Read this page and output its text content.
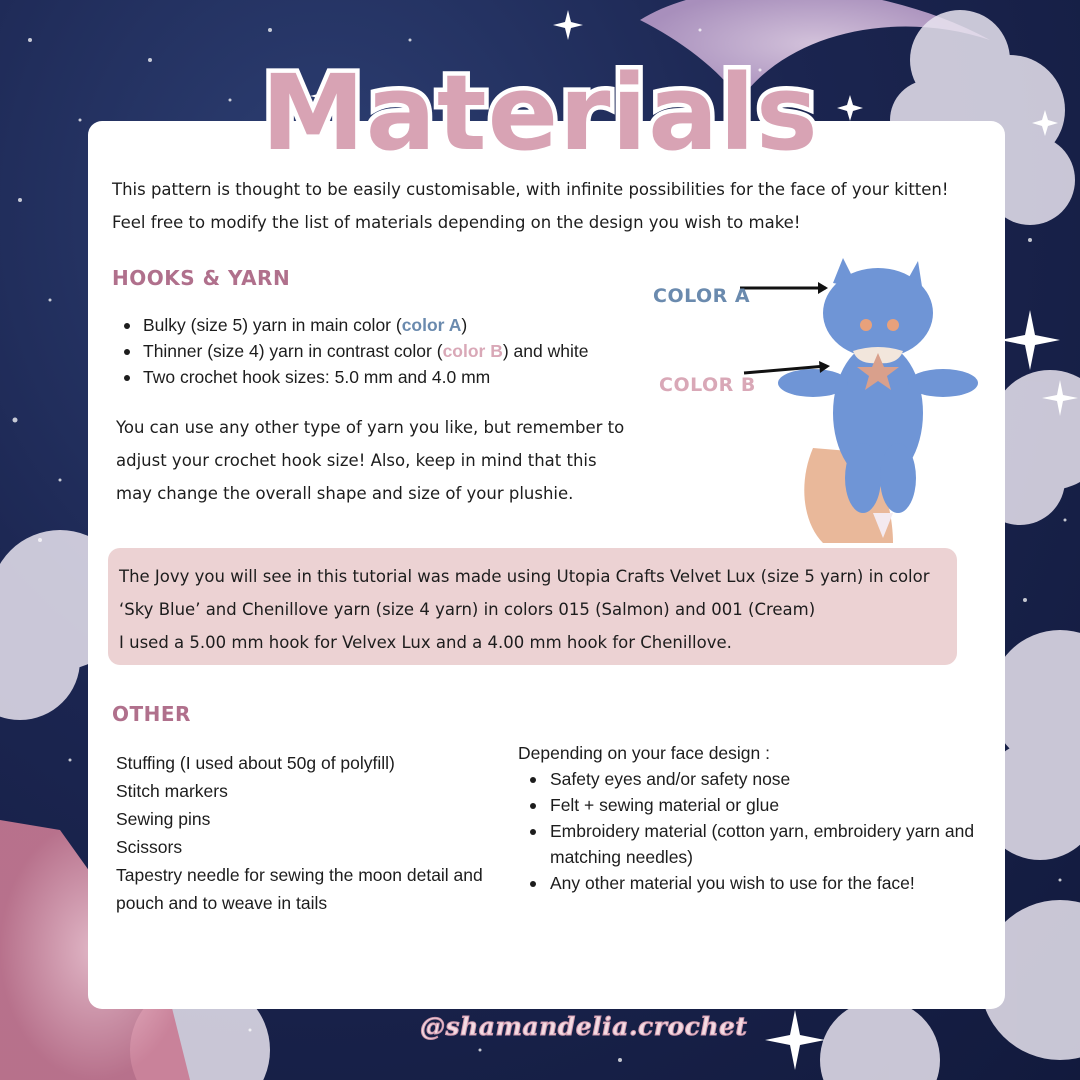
Materials

This pattern is thought to be easily customisable, with infinite possibilities for the face of your kitten!

Feel free to modify the list of materials depending on the design you wish to make!

HOOKS & YARN
Bulky (size 5) yarn in main color (color A)
Thinner (size 4) yarn in contrast color (color B) and white
Two crochet hook sizes: 5.0 mm and 4.0 mm

You can use any other type of yarn you like, but remember to

adjust your crochet hook size! Also, keep in mind that this

may change the overall shape and size of your plushie.

COLOR A
COLOR B

The Jovy you will see in this tutorial was made using Utopia Crafts Velvet Lux (size 5 yarn) in color

‘Sky Blue’ and Chenillove yarn (size 4 yarn) in colors 015 (Salmon) and 001 (Cream)

I used a 5.00 mm hook for Velvex Lux and a 4.00 mm hook for Chenillove.

OTHER
Stuffing (I used about 50g of polyfill)
Stitch markers
Sewing pins
Scissors
Tapestry needle for sewing the moon detail and pouch and to weave in tails
Depending on your face design :
Safety eyes and/or safety nose
Felt + sewing material or glue
Embroidery material (cotton yarn, embroidery yarn and matching needles)
Any other material you wish to use for the face!
@shamandelia.crochet
